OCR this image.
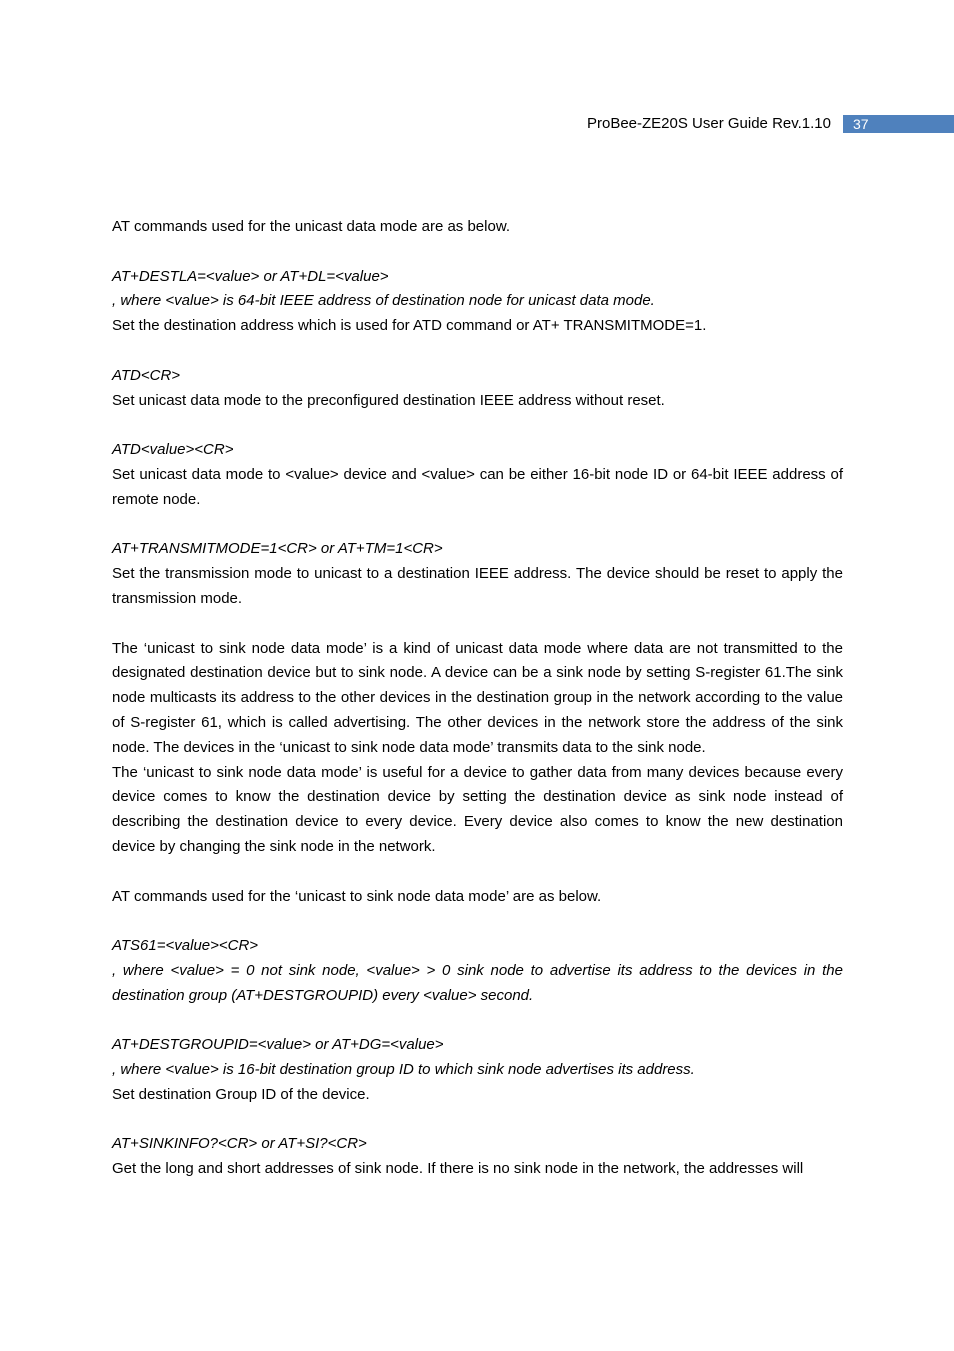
ProBee-ZE20S User Guide Rev.1.10	37

AT commands used for the unicast data mode are as below.

AT+DESTLA=<value> or AT+DL=<value>

, where <value> is 64-bit IEEE address of destination node for unicast data mode.

Set the destination address which is used for ATD command or AT+ TRANSMITMODE=1.

ATD<CR>

Set unicast data mode to the preconfigured destination IEEE address without reset.

ATD<value><CR>

Set unicast data mode to <value> device and <value> can be either 16-bit node ID or 64-bit IEEE address of remote node.

AT+TRANSMITMODE=1<CR> or AT+TM=1<CR>

Set the transmission mode to unicast to a destination IEEE address. The device should be reset to apply the transmission mode.

The ‘unicast to sink node data mode’ is a kind of unicast data mode where data are not transmitted to the designated destination device but to sink node. A device can be a sink node by setting S-register 61.The sink node multicasts its address to the other devices in the destination group in the network according to the value of S-register 61, which is called advertising. The other devices in the network store the address of the sink node. The devices in the ‘unicast to sink node data mode’ transmits data to the sink node.

The ‘unicast to sink node data mode’ is useful for a device to gather data from many devices because every device comes to know the destination device by setting the destination device as sink node instead of describing the destination device to every device. Every device also comes to know the new destination device by changing the sink node in the network.

AT commands used for the ‘unicast to sink node data mode’ are as below.

ATS61=<value><CR>

, where <value> = 0 not sink node, <value> > 0 sink node to advertise its address to the devices in the destination group (AT+DESTGROUPID) every <value> second.

AT+DESTGROUPID=<value> or AT+DG=<value>

, where <value> is 16-bit destination group ID to which sink node advertises its address.

Set destination Group ID of the device.

AT+SINKINFO?<CR> or AT+SI?<CR>

Get the long and short addresses of sink node. If there is no sink node in the network, the addresses will
